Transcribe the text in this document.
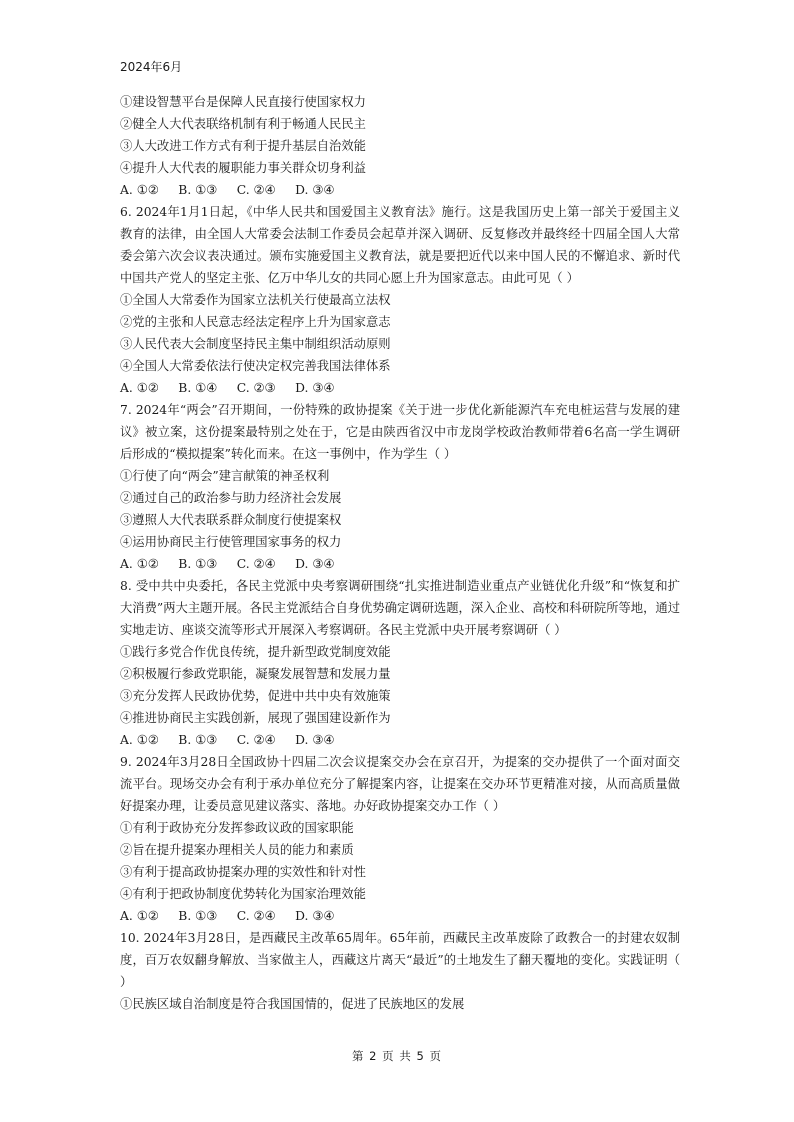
2024年6月
①建设智慧平台是保障人民直接行使国家权力
②健全人大代表联络机制有利于畅通人民民主
③人大改进工作方式有利于提升基层自治效能
④提升人大代表的履职能力事关群众切身利益
A. ①②     B. ①③     C. ②④     D. ③④
6. 2024年1月1日起，《中华人民共和国爱国主义教育法》施行。这是我国历史上第一部关于爱国主义教育的法律，由全国人大常委会法制工作委员会起草并深入调研、反复修改并最终经十四届全国人大常委会第六次会议表决通过。颁布实施爱国主义教育法，就是要把近代以来中国人民的不懈追求、新时代中国共产党人的坚定主张、亿万中华儿女的共同心愿上升为国家意志。由此可见（ ）
①全国人大常委作为国家立法机关行使最高立法权
②党的主张和人民意志经法定程序上升为国家意志
③人民代表大会制度坚持民主集中制组织活动原则
④全国人大常委依法行使决定权完善我国法律体系
A. ①②     B. ①④     C. ②③     D. ③④
7. 2024年“两会”召开期间，一份特殊的政协提案《关于进一步优化新能源汽车充电桩运营与发展的建议》被立案，这份提案最特别之处在于，它是由陕西省汉中市龙岗学校政治教师带着6名高一学生调研后形成的“模拟提案”转化而来。在这一事例中，作为学生（ ）
①行使了向“两会”建言献策的神圣权利
②通过自己的政治参与助力经济社会发展
③遵照人大代表联系群众制度行使提案权
④运用协商民主行使管理国家事务的权力
A. ①②     B. ①③     C. ②④     D. ③④
8. 受中共中央委托，各民主党派中央考察调研围绕“扎实推进制造业重点产业链优化升级”和“恢复和扩大消费”两大主题开展。各民主党派结合自身优势确定调研选题，深入企业、高校和科研院所等地，通过实地走访、座谈交流等形式开展深入考察调研。各民主党派中央开展考察调研（ ）
①践行多党合作优良传统，提升新型政党制度效能
②积极履行参政党职能，凝聚发展智慧和发展力量
③充分发挥人民政协优势，促进中共中央有效施策
④推进协商民主实践创新，展现了强国建设新作为
A. ①②     B. ①③     C. ②④     D. ③④
9. 2024年3月28日全国政协十四届二次会议提案交办会在京召开，为提案的交办提供了一个面对面交流平台。现场交办会有利于承办单位充分了解提案内容，让提案在交办环节更精准对接，从而高质量做好提案办理，让委员意见建议落实、落地。办好政协提案交办工作（ ）
①有利于政协充分发挥参政议政的国家职能
②旨在提升提案办理相关人员的能力和素质
③有利于提高政协提案办理的实效性和针对性
④有利于把政协制度优势转化为国家治理效能
A. ①②     B. ①③     C. ②④     D. ③④
10. 2024年3月28日，是西藏民主改革65周年。65年前，西藏民主改革废除了政教合一的封建农奴制度，百万农奴翻身解放、当家做主人，西藏这片离天“最近”的土地发生了翻天覆地的变化。实践证明（ ）
①民族区域自治制度是符合我国国情的，促进了民族地区的发展
第 2 页 共 5 页
